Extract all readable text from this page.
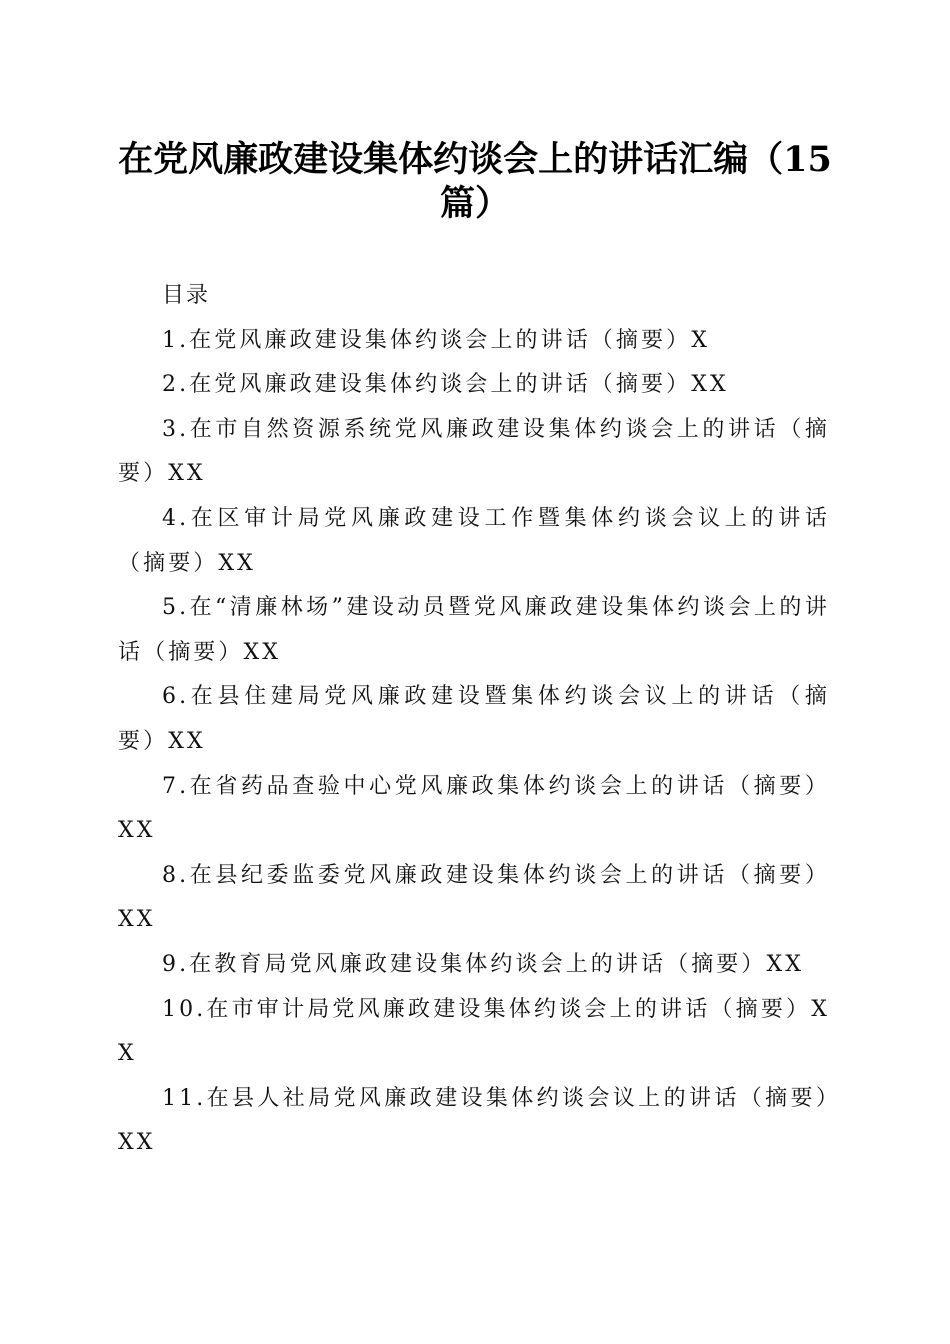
在党风廉政建设集体约谈会上的讲话汇编（15篇）
目录
1.在党风廉政建设集体约谈会上的讲话（摘要）X
2.在党风廉政建设集体约谈会上的讲话（摘要）XX
3.在市自然资源系统党风廉政建设集体约谈会上的讲话（摘要）XX
4.在区审计局党风廉政建设工作暨集体约谈会议上的讲话（摘要）XX
5.在“清廉林场”建设动员暨党风廉政建设集体约谈会上的讲话（摘要）XX
6.在县住建局党风廉政建设暨集体约谈会议上的讲话（摘要）XX
7.在省药品查验中心党风廉政集体约谈会上的讲话（摘要）XX
8.在县纪委监委党风廉政建设集体约谈会上的讲话（摘要）XX
9.在教育局党风廉政建设集体约谈会上的讲话（摘要）XX
10.在市审计局党风廉政建设集体约谈会上的讲话（摘要）XX
11.在县人社局党风廉政建设集体约谈会议上的讲话（摘要）XX
